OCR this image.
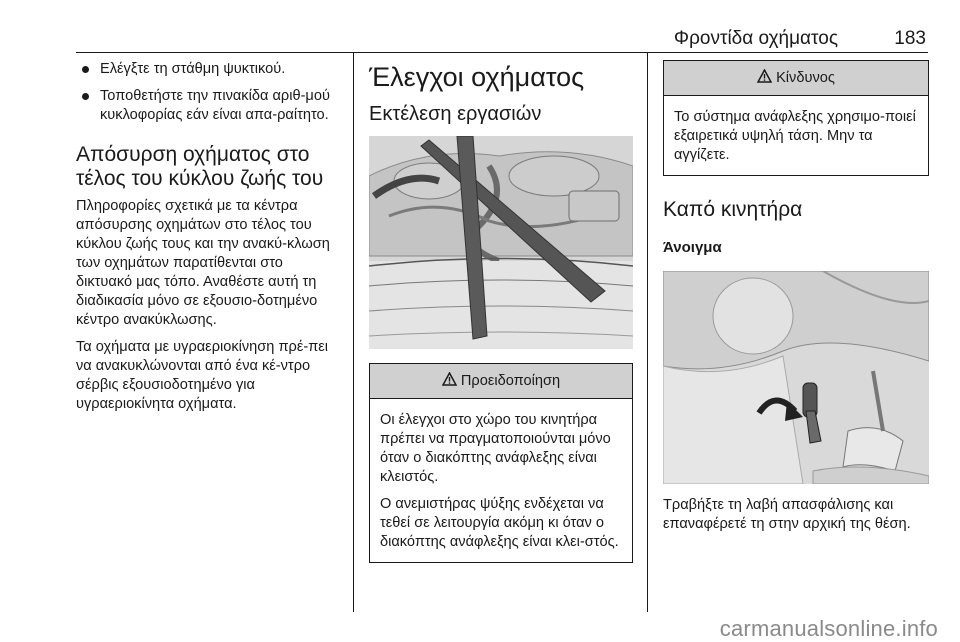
Φροντίδα οχήματος	183
Ελέγξτε τη στάθμη ψυκτικού.
Τοποθετήστε την πινακίδα αριθ-μού κυκλοφορίας εάν είναι απα-ραίτητο.
Απόσυρση οχήματος στο τέλος του κύκλου ζωής του

Πληροφορίες σχετικά με τα κέντρα απόσυρσης οχημάτων στο τέλος του κύκλου ζωής τους και την ανακύ-κλωση των οχημάτων παρατίθενται στο δικτυακό μας τόπο. Αναθέστε αυτή τη διαδικασία μόνο σε εξουσιο-δοτημένο κέντρο ανακύκλωσης.

Τα οχήματα με υγραεριοκίνηση πρέ-πει να ανακυκλώνονται από ένα κέ-ντρο σέρβις εξουσιοδοτημένο για υγραεριοκίνητα οχήματα.

Έλεγχοι οχήματος
Εκτέλεση εργασιών
Προειδοποίηση

Οι έλεγχοι στο χώρο του κινητήρα πρέπει να πραγματοποιούνται μόνο όταν ο διακόπτης ανάφλεξης είναι κλειστός.

Ο ανεμιστήρας ψύξης ενδέχεται να τεθεί σε λειτουργία ακόμη κι όταν ο διακόπτης ανάφλεξης είναι κλει-στός.

Κίνδυνος

Το σύστημα ανάφλεξης χρησιμο-ποιεί εξαιρετικά υψηλή τάση. Μην τα αγγίζετε.

Καπό κινητήρα
Άνοιγμα

Τραβήξτε τη λαβή απασφάλισης και επαναφέρετέ τη στην αρχική της θέση.

carmanualsonline.info
